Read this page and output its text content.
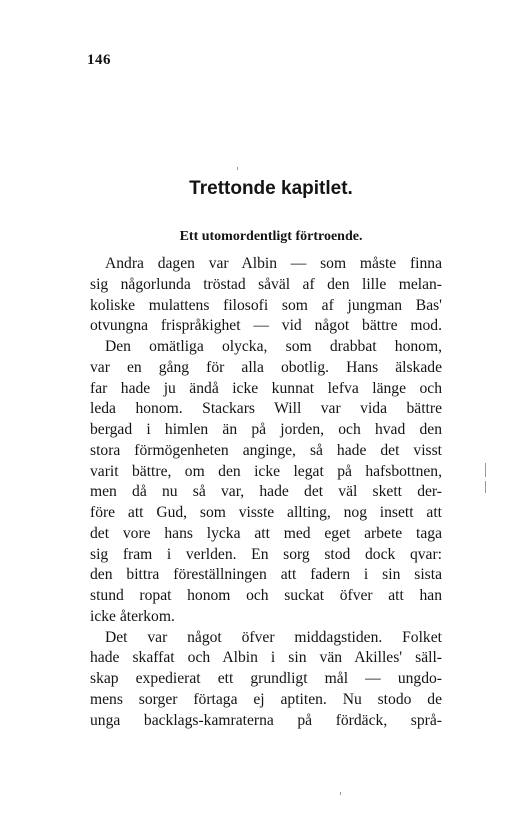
146
Trettonde kapitlet.
Ett utomordentligt förtroende.
Andra dagen var Albin — som måste finna
sig någorlunda tröstad såväl af den lille melan-
koliske mulattens filosofi som af jungman Bas'
otvungna frispråkighet — vid något bättre mod.
Den omätliga olycka, som drabbat honom,
var en gång för alla obotlig. Hans älskade
far hade ju ändå icke kunnat lefva länge och
leda honom. Stackars Will var vida bättre
bergad i himlen än på jorden, och hvad den
stora förmögenheten anginge, så hade det visst
varit bättre, om den icke legat på hafsbottnen,
men då nu så var, hade det väl skett der-
före att Gud, som visste allting, nog insett att
det vore hans lycka att med eget arbete taga
sig fram i verlden. En sorg stod dock qvar:
den bittra föreställningen att fadern i sin sista
stund ropat honom och suckat öfver att han
icke återkom.
Det var något öfver middagstiden. Folket
hade skaffat och Albin i sin vän Akilles' säll-
skap expedierat ett grundligt mål — ungdo-
mens sorger förtaga ej aptiten. Nu stodo de
unga backlags-kamraterna på fördäck, språ-
